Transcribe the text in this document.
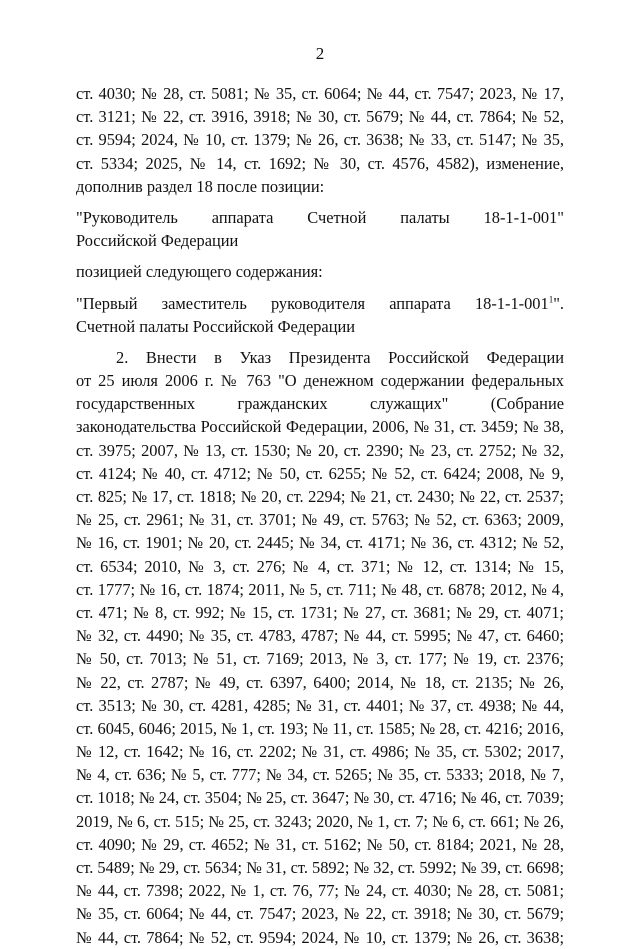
2
ст. 4030; № 28, ст. 5081; № 35, ст. 6064; № 44, ст. 7547; 2023, № 17,
ст. 3121; № 22, ст. 3916, 3918; № 30, ст. 5679; № 44, ст. 7864; № 52,
ст. 9594; 2024, № 10, ст. 1379; № 26, ст. 3638; № 33, ст. 5147; № 35,
ст. 5334; 2025, № 14, ст. 1692; № 30, ст. 4576, 4582), изменение,
дополнив раздел 18 после позиции:
"Руководитель аппарата Счетной палаты 18-1-1-001"
Российской Федерации
позицией следующего содержания:
"Первый заместитель руководителя аппарата $18-1-1-001^1$".
Счетной палаты Российской Федерации
2. Внести в Указ Президента Российской Федерации
от 25 июля 2006 г. № 763 "О денежном содержании федеральных
государственных гражданских служащих" (Собрание
законодательства Российской Федерации, 2006, № 31, ст. 3459; № 38,
ст. 3975; 2007, № 13, ст. 1530; № 20, ст. 2390; № 23, ст. 2752; № 32,
ст. 4124; № 40, ст. 4712; № 50, ст. 6255; № 52, ст. 6424; 2008, № 9,
ст. 825; № 17, ст. 1818; № 20, ст. 2294; № 21, ст. 2430; № 22, ст. 2537;
№ 25, ст. 2961; № 31, ст. 3701; № 49, ст. 5763; № 52, ст. 6363; 2009,
№ 16, ст. 1901; № 20, ст. 2445; № 34, ст. 4171; № 36, ст. 4312; № 52,
ст. 6534; 2010, № 3, ст. 276; № 4, ст. 371; № 12, ст. 1314; № 15,
ст. 1777; № 16, ст. 1874; 2011, № 5, ст. 711; № 48, ст. 6878; 2012, № 4,
ст. 471; № 8, ст. 992; № 15, ст. 1731; № 27, ст. 3681; № 29, ст. 4071;
№ 32, ст. 4490; № 35, ст. 4783, 4787; № 44, ст. 5995; № 47, ст. 6460;
№ 50, ст. 7013; № 51, ст. 7169; 2013, № 3, ст. 177; № 19, ст. 2376;
№ 22, ст. 2787; № 49, ст. 6397, 6400; 2014, № 18, ст. 2135; № 26,
ст. 3513; № 30, ст. 4281, 4285; № 31, ст. 4401; № 37, ст. 4938; № 44,
ст. 6045, 6046; 2015, № 1, ст. 193; № 11, ст. 1585; № 28, ст. 4216; 2016,
№ 12, ст. 1642; № 16, ст. 2202; № 31, ст. 4986; № 35, ст. 5302; 2017,
№ 4, ст. 636; № 5, ст. 777; № 34, ст. 5265; № 35, ст. 5333; 2018, № 7,
ст. 1018; № 24, ст. 3504; № 25, ст. 3647; № 30, ст. 4716; № 46, ст. 7039;
2019, № 6, ст. 515; № 25, ст. 3243; 2020, № 1, ст. 7; № 6, ст. 661; № 26,
ст. 4090; № 29, ст. 4652; № 31, ст. 5162; № 50, ст. 8184; 2021, № 28,
ст. 5489; № 29, ст. 5634; № 31, ст. 5892; № 32, ст. 5992; № 39, ст. 6698;
№ 44, ст. 7398; 2022, № 1, ст. 76, 77; № 24, ст. 4030; № 28, ст. 5081;
№ 35, ст. 6064; № 44, ст. 7547; 2023, № 22, ст. 3918; № 30, ст. 5679;
№ 44, ст. 7864; № 52, ст. 9594; 2024, № 10, ст. 1379; № 26, ст. 3638;
